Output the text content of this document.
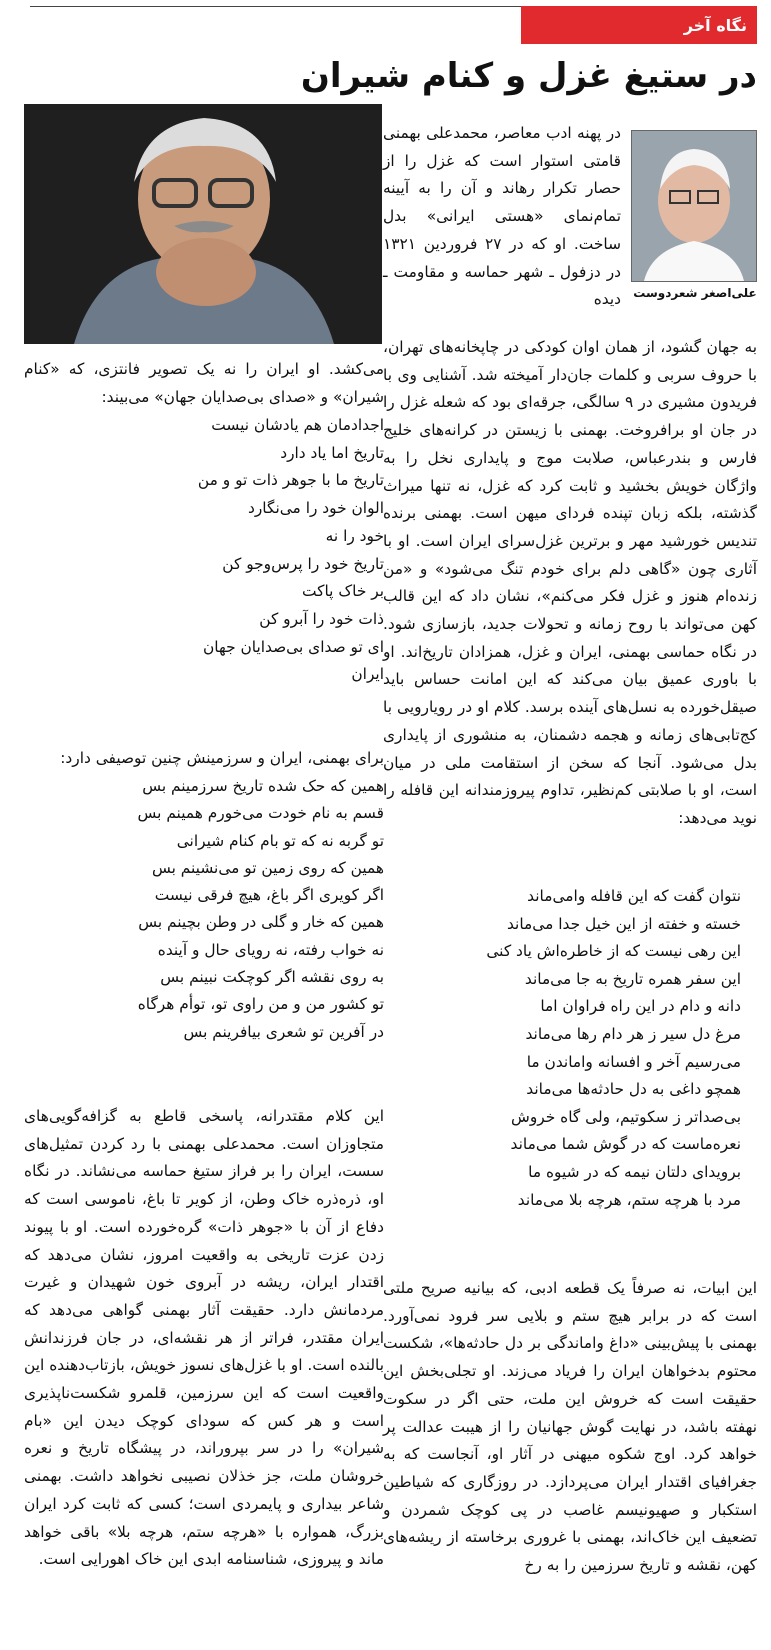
نگاه آخر
در ستیغ غزل و کنام شیران
علی‌اصغر شعردوست

در پهنه ادب معاصر، محمدعلی بهمنی قامتی استوار است که غزل را از حصار تکرار رهاند و آن را به آیینه تمام‌نمای «هستی ایرانی» بدل ساخت. او که در ۲۷ فروردین ۱۳۲۱ در دزفول ـ شهر حماسه و مقاومت ـ دیده

به جهان گشود، از همان اوان کودکی در چاپخانه‌های تهران، با حروف سربی و کلمات جان‌دار آمیخته شد. آشنایی وی با فریدون مشیری در ۹ سالگی، جرقه‌ای بود که شعله غزل را در جان او برافروخت. بهمنی با زیستن در کرانه‌های خلیج فارس و بندرعباس، صلابت موج و پایداری نخل را به واژگان خویش بخشید و ثابت کرد که غزل، نه تنها میراث گذشته، بلکه زبان تپنده فردای میهن است. بهمنی برنده تندیس خورشید مهر و برترین غزل‌سرای ایران است. او با آثاری چون «گاهی دلم برای خودم تنگ می‌شود» و «من زنده‌ام هنوز و غزل فکر می‌کنم»، نشان داد که این قالب کهن می‌تواند با روح زمانه و تحولات جدید، بازسازی شود. در نگاه حماسی بهمنی، ایران و غزل، همزادان تاریخ‌اند. او با باوری عمیق بیان می‌کند که این امانت حساس باید صیقل‌خورده به نسل‌های آینده برسد. کلام او در رویارویی با کج‌تابی‌های زمانه و هجمه دشمنان، به منشوری از پایداری بدل می‌شود. آنجا که سخن از استقامت ملی در میان است، او با صلابتی کم‌نظیر، تداوم پیروزمندانه این قافله را نوید می‌دهد:

نتوان گفت که این قافله وامی‌ماند
خسته و خفته از این خیل جدا می‌ماند
این رهی نیست که از خاطره‌اش یاد کنی
این سفر همره تاریخ به جا می‌ماند
دانه و دام در این راه فراوان اما
مرغ دل سیر ز هر دام رها می‌ماند
می‌رسیم آخر و افسانه واماندن ما
همچو داغی به دل حادثه‌ها می‌ماند
بی‌صداتر ز سکوتیم، ولی گاه خروش
نعره‌ماست که در گوش شما می‌ماند
برویدای دلتان نیمه که در شیوه ما
مرد با هرچه ستم، هرچه بلا می‌ماند

این ابیات، نه صرفاً یک قطعه ادبی، که بیانیه صریح ملتی است که در برابر هیچ ستم و بلایی سر فرود نمی‌آورد. بهمنی با پیش‌بینی «داغ واماندگی بر دل حادثه‌ها»، شکست محتوم بدخواهان ایران را فریاد می‌زند. او تجلی‌بخش این حقیقت است که خروش این ملت، حتی اگر در سکوت نهفته باشد، در نهایت گوش جهانیان را از هیبت عدالت پر خواهد کرد. اوج شکوه میهنی در آثار او، آنجاست که به جغرافیای اقتدار ایران می‌پردازد. در روزگاری که شیاطین استکبار و صهیونیسم غاصب در پی کوچک شمردن و تضعیف این خاک‌اند، بهمنی با غروری برخاسته از ریشه‌های کهن، نقشه و تاریخ سرزمین را به رخ

می‌کشد. او ایران را نه یک تصویر فانتزی، که «کنام شیران» و «صدای بی‌صدایان جهان» می‌بیند:

اجدادمان هم یادشان نیست
تاریخ اما یاد دارد
تاریخ ما با جوهر ذات تو و من
الوان خود را می‌نگارد
خود را نه
تاریخ خود را پرس‌وجو کن
بر خاک پاکت
ذات خود را آبرو کن
ای تو صدای بی‌صدایان جهان
ایران

برای بهمنی، ایران و سرزمینش چنین توصیفی دارد:

همین که حک شده تاریخ سرزمینم بس
قسم به نام خودت می‌خورم همینم بس
تو گربه نه که تو بام کنام شیرانی
همین که روی زمین تو می‌نشینم بس
اگر کویری اگر باغ، هیچ فرقی نیست
همین که خار و گلی در وطن بچینم بس
نه خواب رفته، نه رویای حال و آینده
به روی نقشه اگر کوچکت نبینم بس
تو کشور من و من راوی تو، توأم هرگاه
در آفرین تو شعری بیافرینم بس

این کلام مقتدرانه، پاسخی قاطع به گزافه‌گویی‌های متجاوزان است. محمدعلی بهمنی با رد کردن تمثیل‌های سست، ایران را بر فراز ستیغ حماسه می‌نشاند. در نگاه او، ذره‌ذره خاک وطن، از کویر تا باغ، ناموسی است که دفاع از آن با «جوهر ذات» گره‌خورده است. او با پیوند زدن عزت تاریخی به واقعیت امروز، نشان می‌دهد که اقتدار ایران، ریشه در آبروی خون شهیدان و غیرت مردمانش دارد. حقیقت آثار بهمنی گواهی می‌دهد که ایران مقتدر، فراتر از هر نقشه‌ای، در جان فرزندانش بالنده است. او با غزل‌های نسوز خویش، بازتاب‌دهنده این واقعیت است که این سرزمین، قلمرو شکست‌ناپذیری است و هر کس که سودای کوچک دیدن این «بام شیران» را در سر بپروراند، در پیشگاه تاریخ و نعره خروشان ملت، جز خذلان نصیبی نخواهد داشت. بهمنی شاعر بیداری و پایمردی است؛ کسی که ثابت کرد ایران بزرگ، همواره با «هرچه ستم، هرچه بلا» باقی خواهد ماند و پیروزی، شناسنامه ابدی این خاک اهورایی است.
